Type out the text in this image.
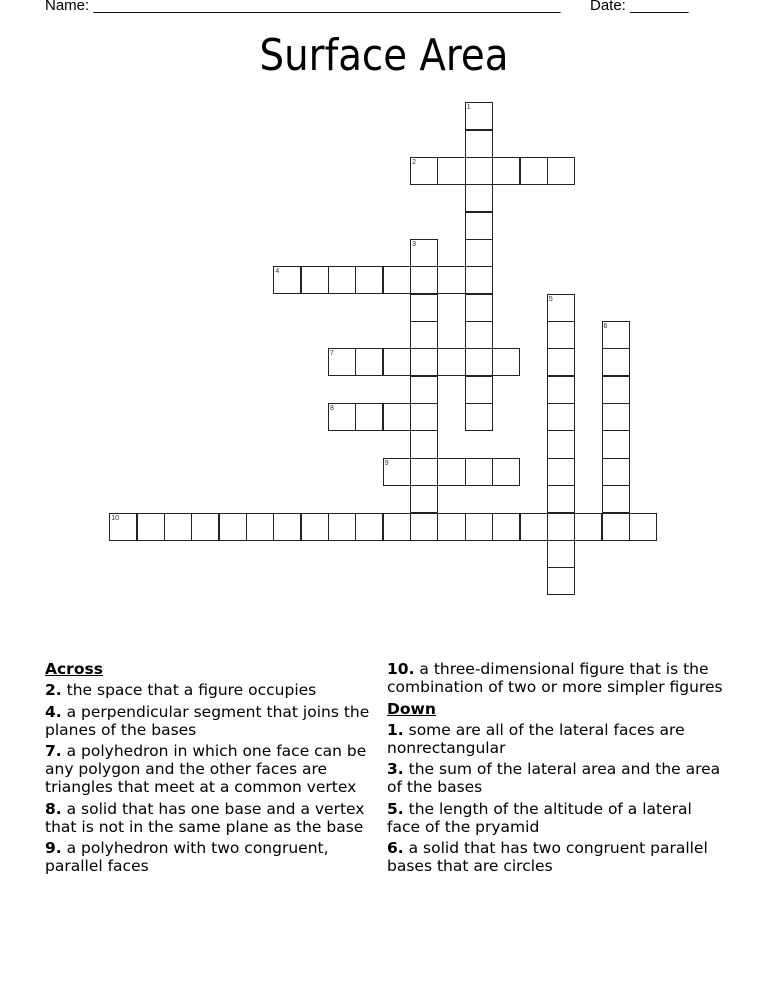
Name: ________________________________________________________ Date: _______
Surface Area
1
2
3
4
5
6
7
8
9
10
Across
2. the space that a figure occupies
4. a perpendicular segment that joins the planes of the bases
7. a polyhedron in which one face can be any polygon and the other faces are triangles that meet at a common vertex
8. a solid that has one base and a vertex that is not in the same plane as the base
9. a polyhedron with two congruent, parallel faces
10. a three-dimensional figure that is the combination of two or more simpler figures
Down
1. some are all of the lateral faces are nonrectangular
3. the sum of the lateral area and the area of the bases
5. the length of the altitude of a lateral face of the pryamid
6. a solid that has two congruent parallel bases that are circles
